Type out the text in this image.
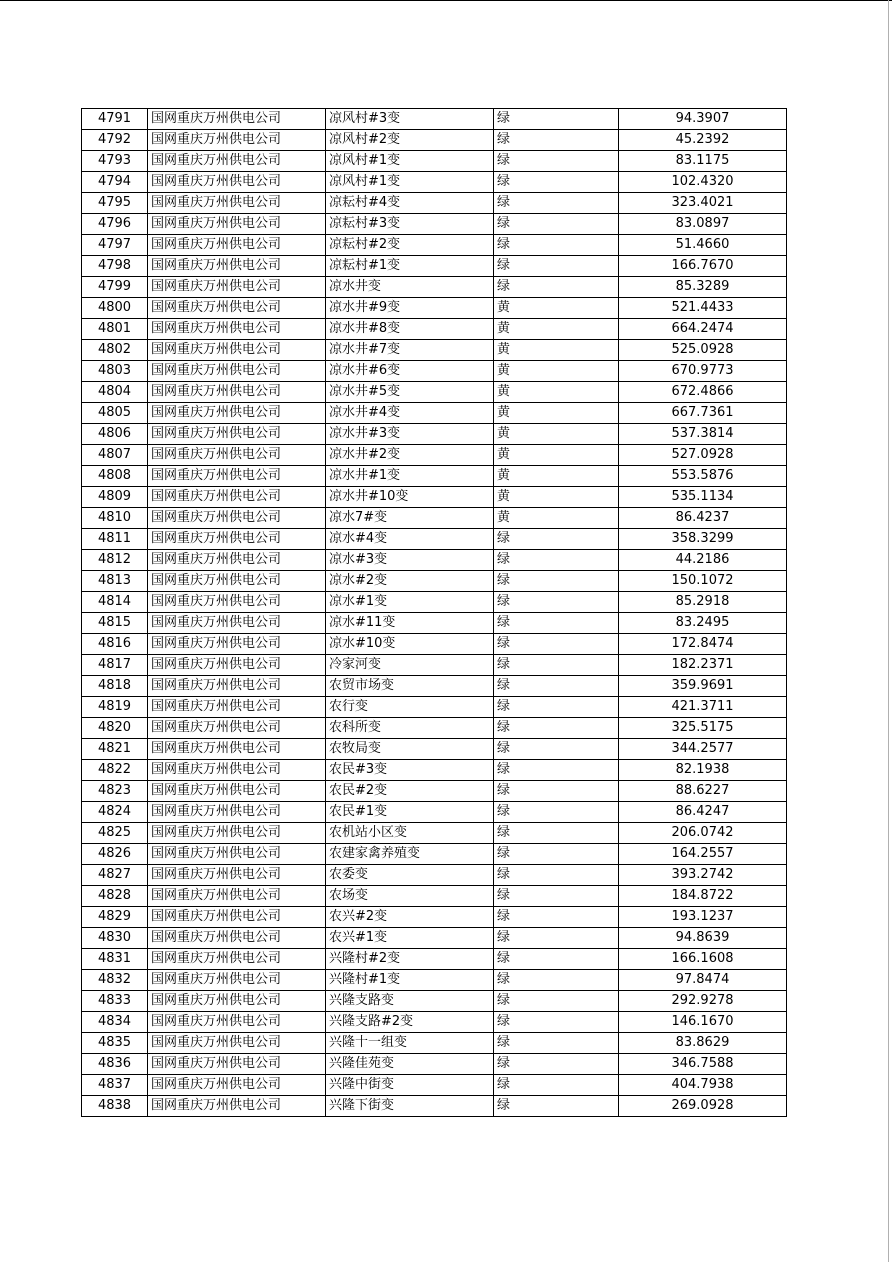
4791	国网重庆万州供电公司	凉风村#3变	绿	94.3907
4792	国网重庆万州供电公司	凉风村#2变	绿	45.2392
4793	国网重庆万州供电公司	凉风村#1变	绿	83.1175
4794	国网重庆万州供电公司	凉风村#1变	绿	102.4320
4795	国网重庆万州供电公司	凉耘村#4变	绿	323.4021
4796	国网重庆万州供电公司	凉耘村#3变	绿	83.0897
4797	国网重庆万州供电公司	凉耘村#2变	绿	51.4660
4798	国网重庆万州供电公司	凉耘村#1变	绿	166.7670
4799	国网重庆万州供电公司	凉水井变	绿	85.3289
4800	国网重庆万州供电公司	凉水井#9变	黄	521.4433
4801	国网重庆万州供电公司	凉水井#8变	黄	664.2474
4802	国网重庆万州供电公司	凉水井#7变	黄	525.0928
4803	国网重庆万州供电公司	凉水井#6变	黄	670.9773
4804	国网重庆万州供电公司	凉水井#5变	黄	672.4866
4805	国网重庆万州供电公司	凉水井#4变	黄	667.7361
4806	国网重庆万州供电公司	凉水井#3变	黄	537.3814
4807	国网重庆万州供电公司	凉水井#2变	黄	527.0928
4808	国网重庆万州供电公司	凉水井#1变	黄	553.5876
4809	国网重庆万州供电公司	凉水井#10变	黄	535.1134
4810	国网重庆万州供电公司	凉水7#变	黄	86.4237
4811	国网重庆万州供电公司	凉水#4变	绿	358.3299
4812	国网重庆万州供电公司	凉水#3变	绿	44.2186
4813	国网重庆万州供电公司	凉水#2变	绿	150.1072
4814	国网重庆万州供电公司	凉水#1变	绿	85.2918
4815	国网重庆万州供电公司	凉水#11变	绿	83.2495
4816	国网重庆万州供电公司	凉水#10变	绿	172.8474
4817	国网重庆万州供电公司	冷家河变	绿	182.2371
4818	国网重庆万州供电公司	农贸市场变	绿	359.9691
4819	国网重庆万州供电公司	农行变	绿	421.3711
4820	国网重庆万州供电公司	农科所变	绿	325.5175
4821	国网重庆万州供电公司	农牧局变	绿	344.2577
4822	国网重庆万州供电公司	农民#3变	绿	82.1938
4823	国网重庆万州供电公司	农民#2变	绿	88.6227
4824	国网重庆万州供电公司	农民#1变	绿	86.4247
4825	国网重庆万州供电公司	农机站小区变	绿	206.0742
4826	国网重庆万州供电公司	农建家禽养殖变	绿	164.2557
4827	国网重庆万州供电公司	农委变	绿	393.2742
4828	国网重庆万州供电公司	农场变	绿	184.8722
4829	国网重庆万州供电公司	农兴#2变	绿	193.1237
4830	国网重庆万州供电公司	农兴#1变	绿	94.8639
4831	国网重庆万州供电公司	兴隆村#2变	绿	166.1608
4832	国网重庆万州供电公司	兴隆村#1变	绿	97.8474
4833	国网重庆万州供电公司	兴隆支路变	绿	292.9278
4834	国网重庆万州供电公司	兴隆支路#2变	绿	146.1670
4835	国网重庆万州供电公司	兴隆十一组变	绿	83.8629
4836	国网重庆万州供电公司	兴隆佳苑变	绿	346.7588
4837	国网重庆万州供电公司	兴隆中街变	绿	404.7938
4838	国网重庆万州供电公司	兴隆下街变	绿	269.0928
